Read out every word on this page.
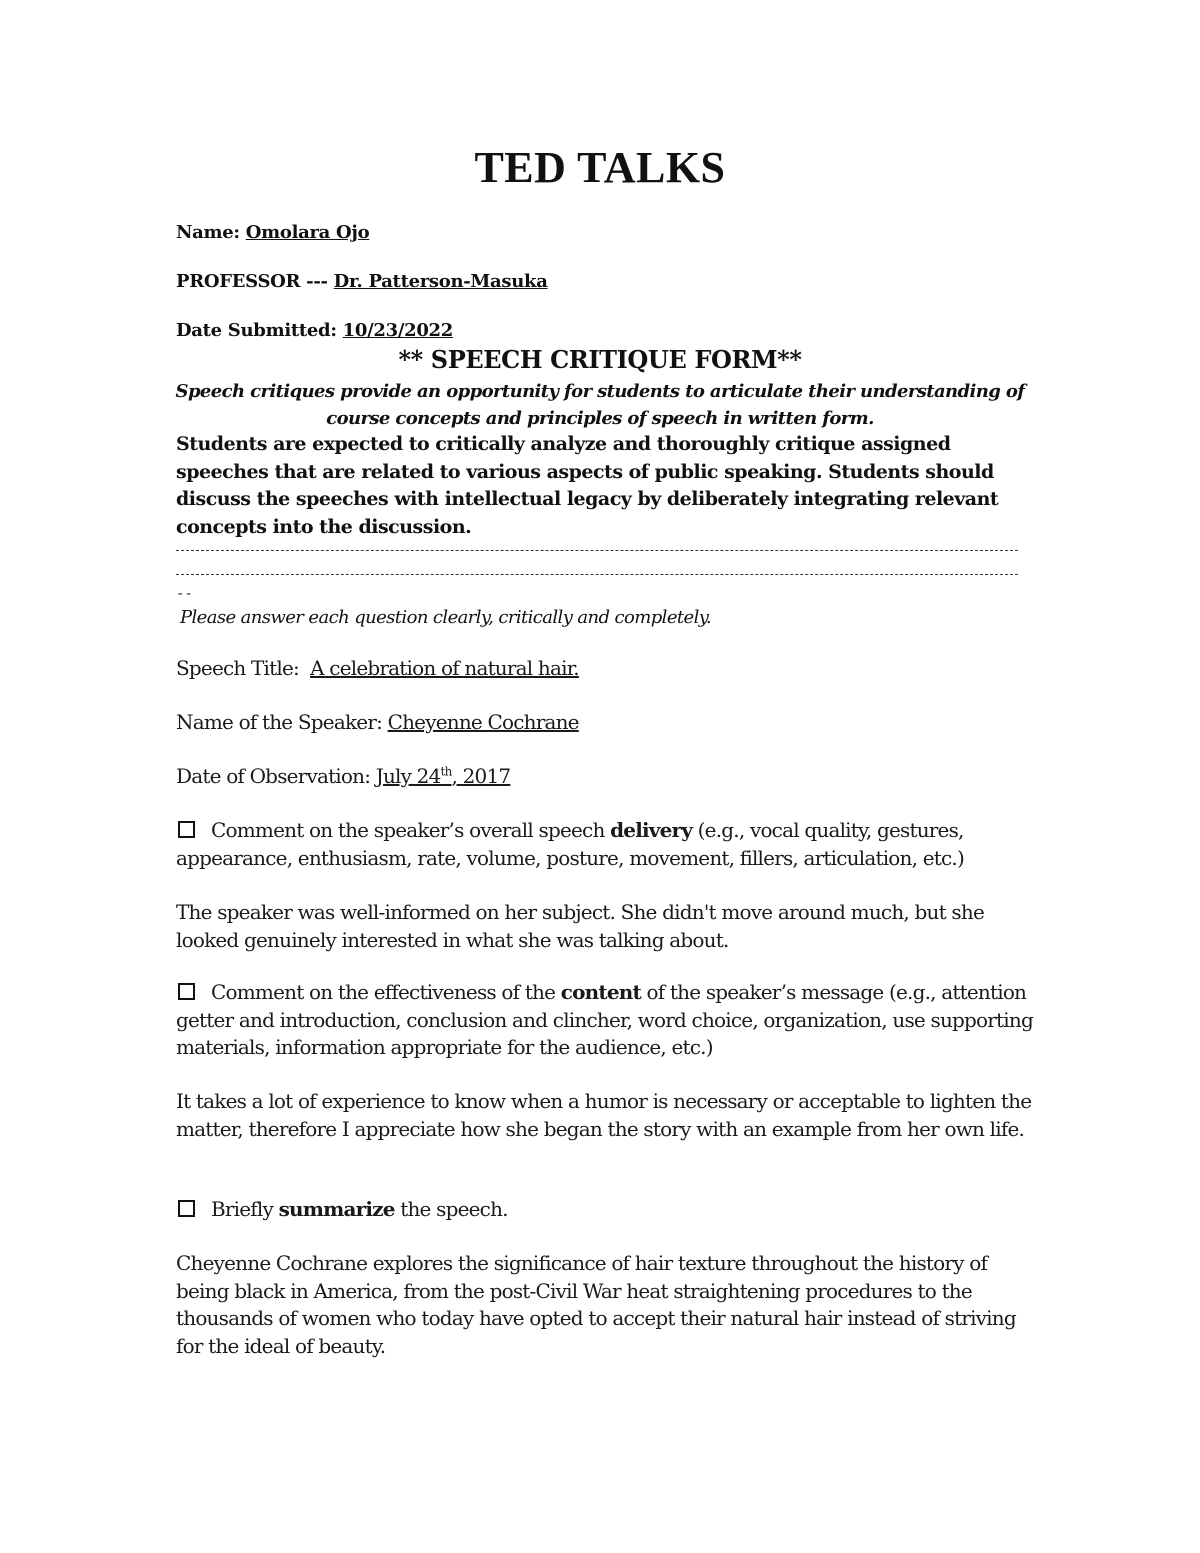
TED TALKS
Name: Omolara Ojo
PROFESSOR --- Dr. Patterson-Masuka
Date Submitted: 10/23/2022
** SPEECH CRITIQUE FORM**
Speech critiques provide an opportunity for students to articulate their understanding of course concepts and principles of speech in written form.
Students are expected to critically analyze and thoroughly critique assigned speeches that are related to various aspects of public speaking. Students should discuss the speeches with intellectual legacy by deliberately integrating relevant concepts into the discussion.
--
Please answer each question clearly, critically and completely.
Speech Title: A celebration of natural hair.
Name of the Speaker: Cheyenne Cochrane
Date of Observation: July 24th, 2017
Comment on the speaker’s overall speech delivery (e.g., vocal quality, gestures, appearance, enthusiasm, rate, volume, posture, movement, fillers, articulation, etc.)
The speaker was well-informed on her subject. She didn't move around much, but she looked genuinely interested in what she was talking about.
Comment on the effectiveness of the content of the speaker’s message (e.g., attention getter and introduction, conclusion and clincher, word choice, organization, use supporting materials, information appropriate for the audience, etc.)
It takes a lot of experience to know when a humor is necessary or acceptable to lighten the matter, therefore I appreciate how she began the story with an example from her own life.
Briefly summarize the speech.
Cheyenne Cochrane explores the significance of hair texture throughout the history of being black in America, from the post-Civil War heat straightening procedures to the thousands of women who today have opted to accept their natural hair instead of striving for the ideal of beauty.
